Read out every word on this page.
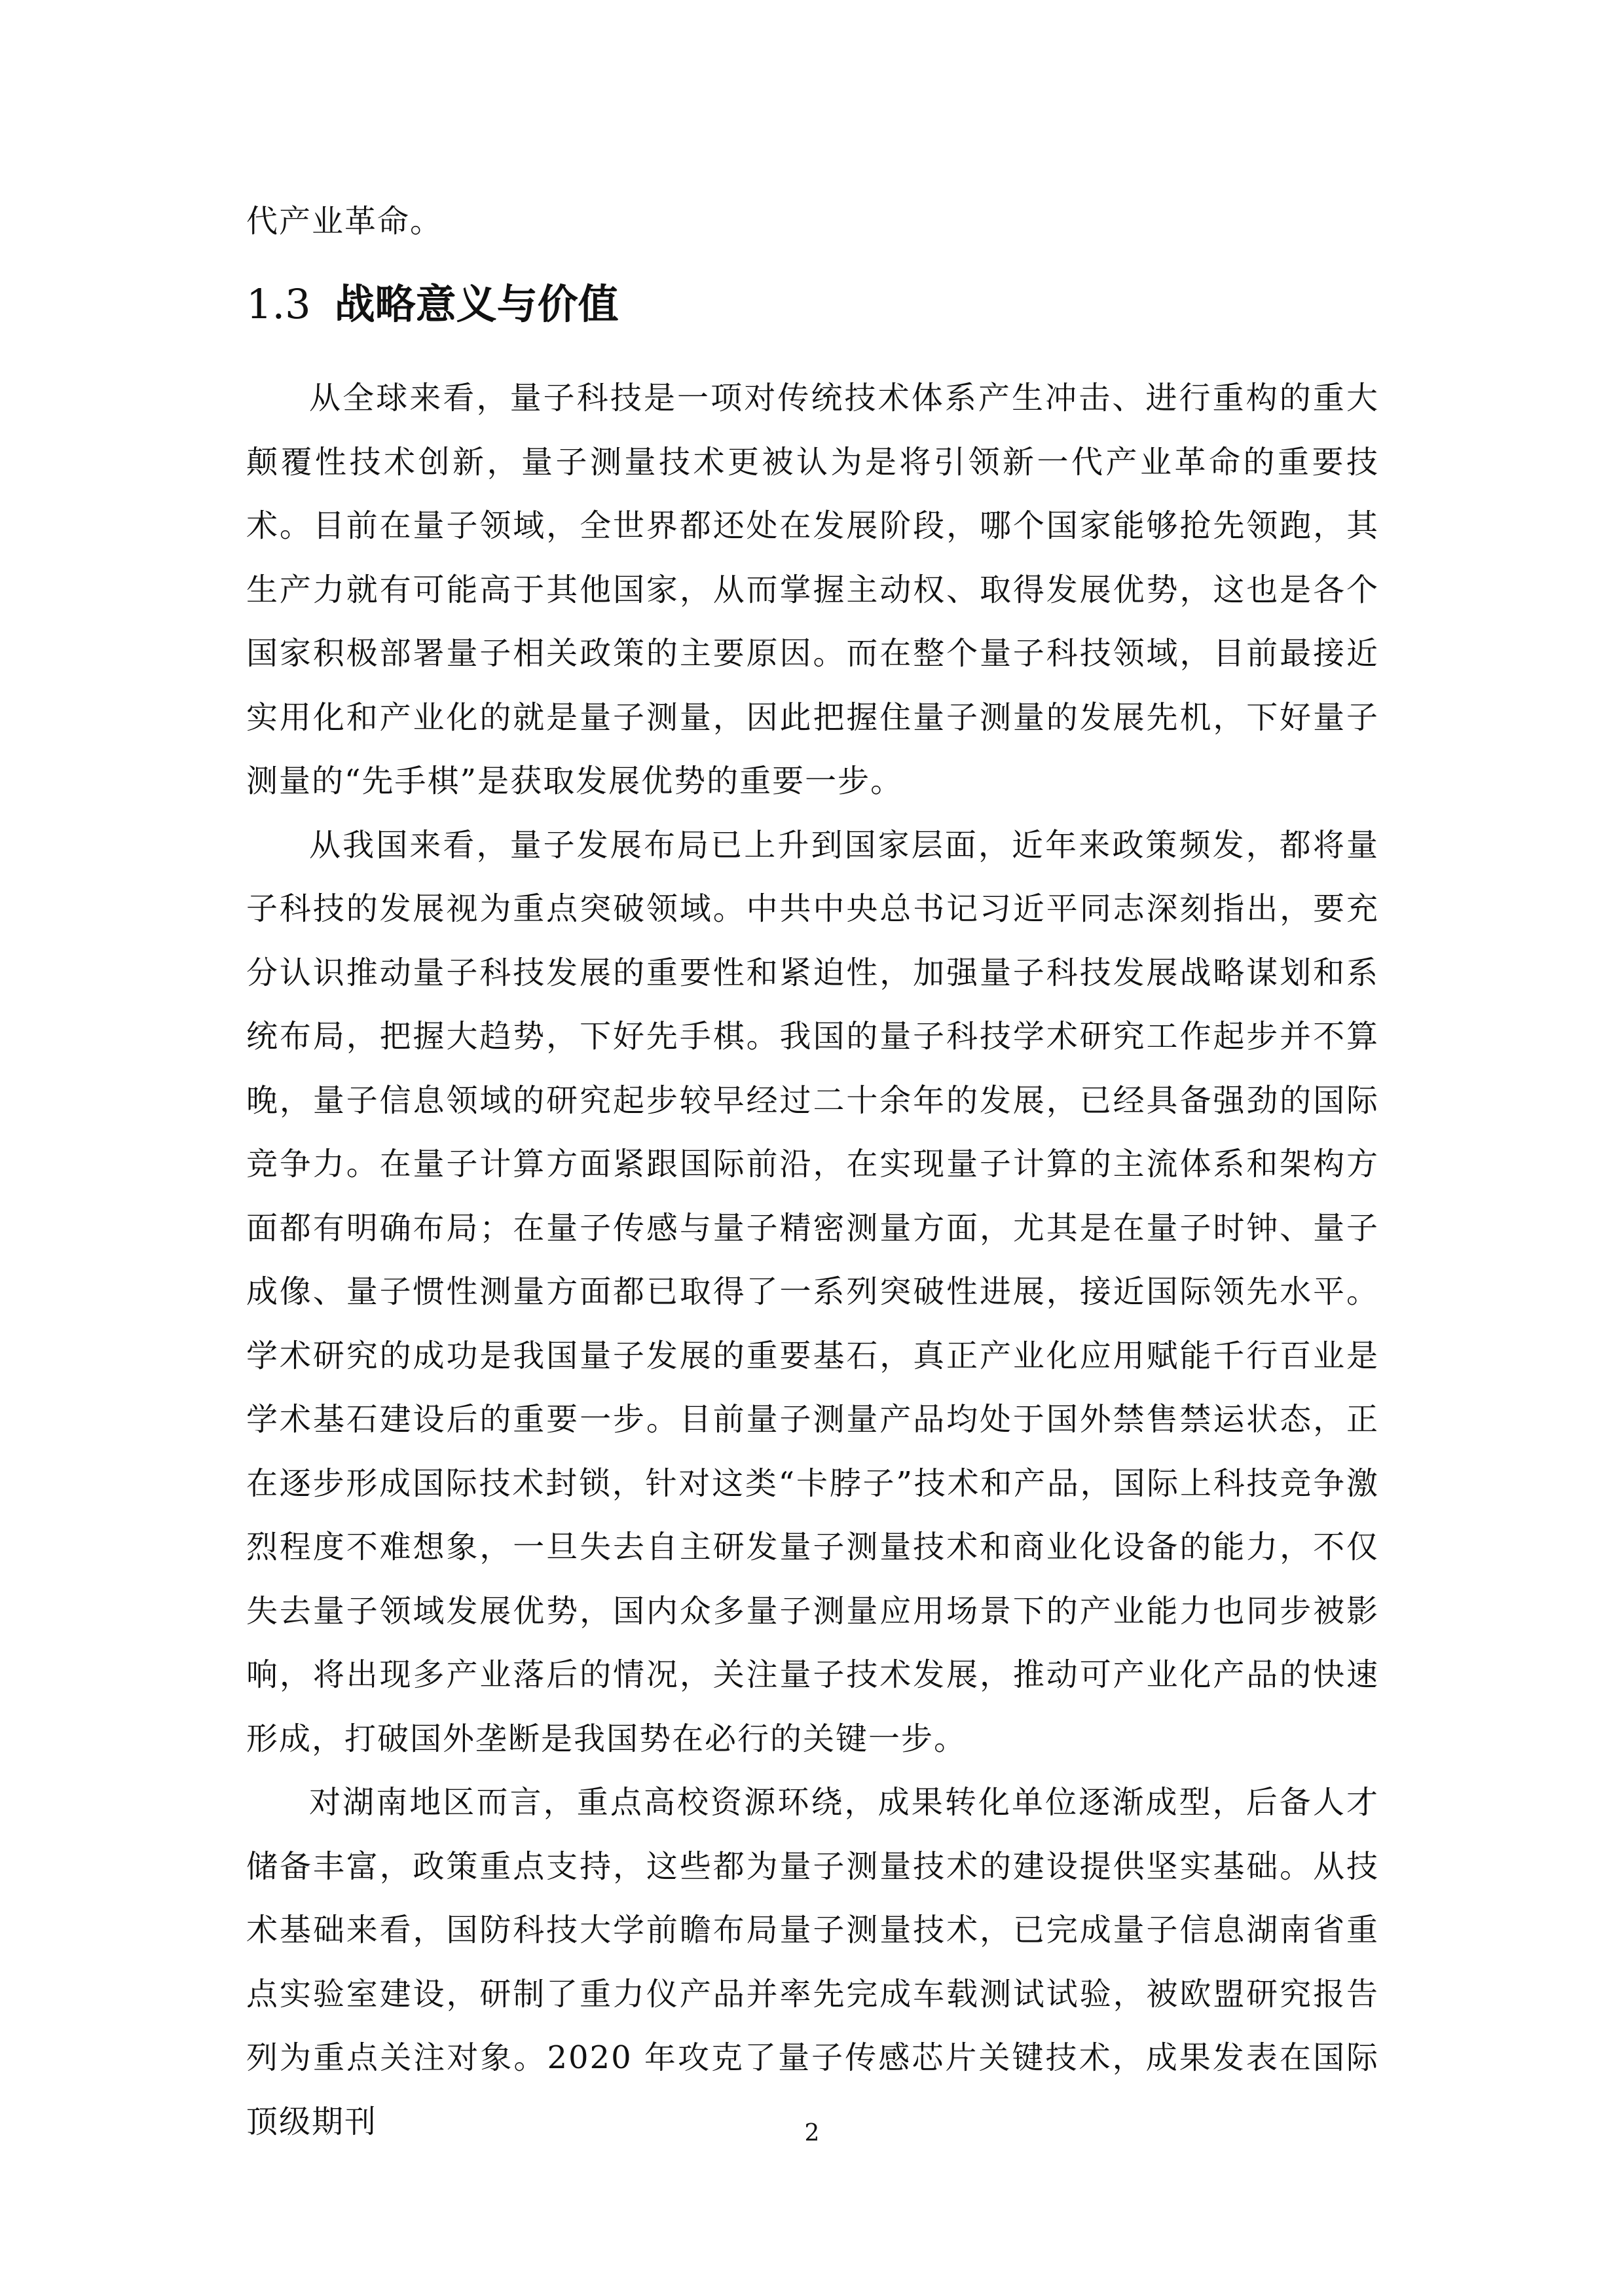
代产业革命。
1.3 战略意义与价值

从全球来看，量子科技是一项对传统技术体系产生冲击、进行重构的重大颠覆性技术创新，量子测量技术更被认为是将引领新一代产业革命的重要技术。目前在量子领域，全世界都还处在发展阶段，哪个国家能够抢先领跑，其生产力就有可能高于其他国家，从而掌握主动权、取得发展优势，这也是各个国家积极部署量子相关政策的主要原因。而在整个量子科技领域，目前最接近实用化和产业化的就是量子测量，因此把握住量子测量的发展先机，下好量子测量的“先手棋”是获取发展优势的重要一步。

从我国来看，量子发展布局已上升到国家层面，近年来政策频发，都将量子科技的发展视为重点突破领域。中共中央总书记习近平同志深刻指出，要充分认识推动量子科技发展的重要性和紧迫性，加强量子科技发展战略谋划和系统布局，把握大趋势，下好先手棋。我国的量子科技学术研究工作起步并不算晚，量子信息领域的研究起步较早经过二十余年的发展，已经具备强劲的国际竞争力。在量子计算方面紧跟国际前沿，在实现量子计算的主流体系和架构方面都有明确布局；在量子传感与量子精密测量方面，尤其是在量子时钟、量子成像、量子惯性测量方面都已取得了一系列突破性进展，接近国际领先水平。学术研究的成功是我国量子发展的重要基石，真正产业化应用赋能千行百业是学术基石建设后的重要一步。目前量子测量产品均处于国外禁售禁运状态，正在逐步形成国际技术封锁，针对这类“卡脖子”技术和产品，国际上科技竞争激烈程度不难想象，一旦失去自主研发量子测量技术和商业化设备的能力，不仅失去量子领域发展优势，国内众多量子测量应用场景下的产业能力也同步被影响，将出现多产业落后的情况，关注量子技术发展，推动可产业化产品的快速形成，打破国外垄断是我国势在必行的关键一步。

对湖南地区而言，重点高校资源环绕，成果转化单位逐渐成型，后备人才储备丰富，政策重点支持，这些都为量子测量技术的建设提供坚实基础。从技术基础来看，国防科技大学前瞻布局量子测量技术，已完成量子信息湖南省重点实验室建设，研制了重力仪产品并率先完成车载测试试验，被欧盟研究报告列为重点关注对象。2020 年攻克了量子传感芯片关键技术，成果发表在国际顶级期刊	2
